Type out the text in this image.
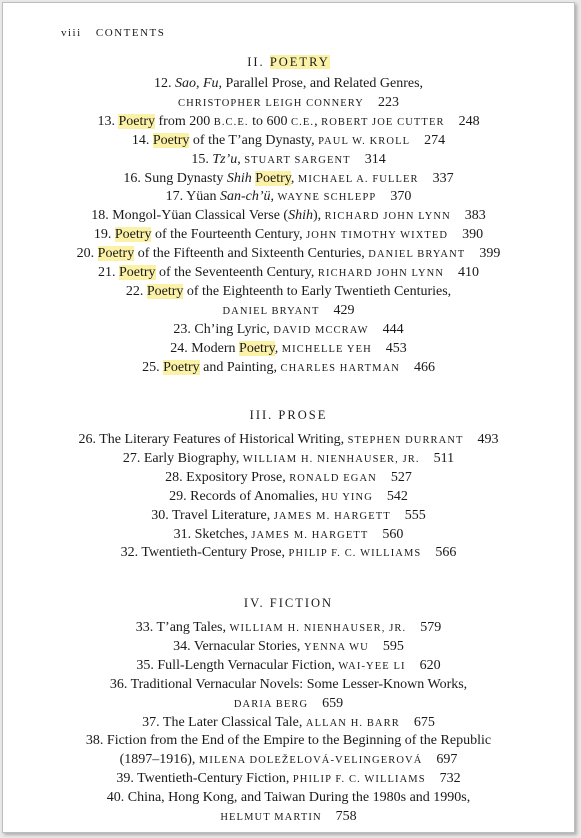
viii CONTENTS
II. POETRY
III. PROSE
IV. FICTION
12. Sao, Fu, Parallel Prose, and Related Genres,
CHRISTOPHER LEIGH CONNERY 223
13. Poetry from 200 B.C.E. to 600 C.E., ROBERT JOE CUTTER 248
14. Poetry of the T’ang Dynasty, PAUL W. KROLL 274
15. Tz’u, STUART SARGENT 314
16. Sung Dynasty Shih Poetry, MICHAEL A. FULLER 337
17. Yüan San-ch’ü, WAYNE SCHLEPP 370
18. Mongol-Yüan Classical Verse (Shih), RICHARD JOHN LYNN 383
19. Poetry of the Fourteenth Century, JOHN TIMOTHY WIXTED 390
20. Poetry of the Fifteenth and Sixteenth Centuries, DANIEL BRYANT 399
21. Poetry of the Seventeenth Century, RICHARD JOHN LYNN 410
22. Poetry of the Eighteenth to Early Twentieth Centuries,
DANIEL BRYANT 429
23. Ch’ing Lyric, DAVID MCCRAW 444
24. Modern Poetry, MICHELLE YEH 453
25. Poetry and Painting, CHARLES HARTMAN 466
26. The Literary Features of Historical Writing, STEPHEN DURRANT 493
27. Early Biography, WILLIAM H. NIENHAUSER, JR. 511
28. Expository Prose, RONALD EGAN 527
29. Records of Anomalies, HU YING 542
30. Travel Literature, JAMES M. HARGETT 555
31. Sketches, JAMES M. HARGETT 560
32. Twentieth-Century Prose, PHILIP F. C. WILLIAMS 566
33. T’ang Tales, WILLIAM H. NIENHAUSER, JR. 579
34. Vernacular Stories, YENNA WU 595
35. Full-Length Vernacular Fiction, WAI-YEE LI 620
36. Traditional Vernacular Novels: Some Lesser-Known Works,
DARIA BERG 659
37. The Later Classical Tale, ALLAN H. BARR 675
38. Fiction from the End of the Empire to the Beginning of the Republic
(1897–1916), MILENA DOLEŽELOVÁ-VELINGEROVÁ 697
39. Twentieth-Century Fiction, PHILIP F. C. WILLIAMS 732
40. China, Hong Kong, and Taiwan During the 1980s and 1990s,
HELMUT MARTIN 758
